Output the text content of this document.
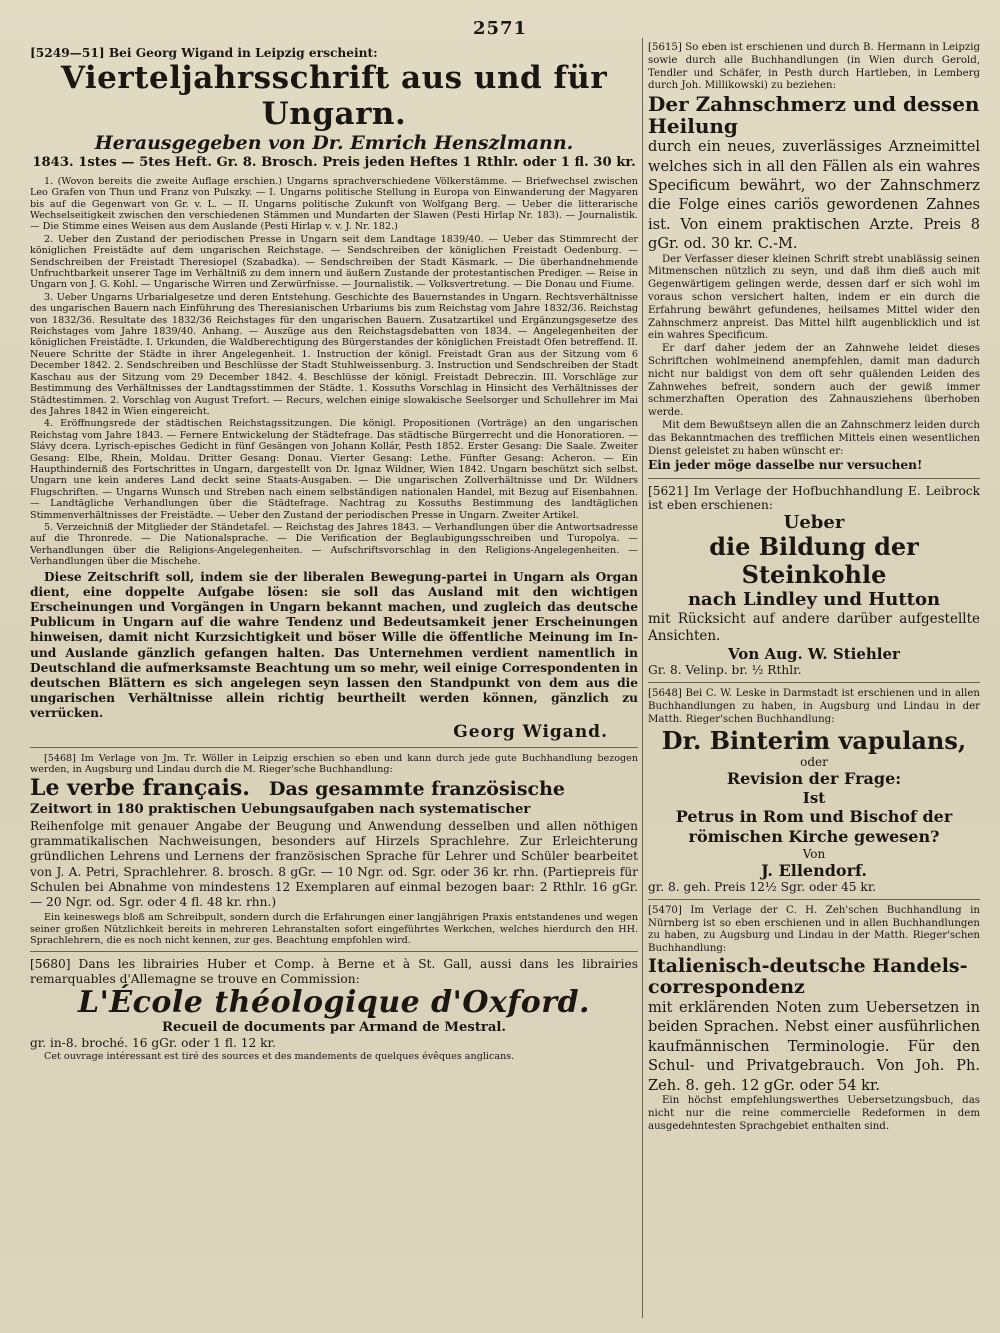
2571
[5249—51] Bei Georg Wigand in Leipzig erscheint:
Vierteljahrsschrift aus und für Ungarn.
Herausgegeben von Dr. Emrich Henszlmann.
1843. 1stes — 5tes Heft. Gr. 8. Brosch. Preis jeden Heftes 1 Rthlr. oder 1 fl. 30 kr.
1. (Wovon bereits die zweite Auflage erschien.) Ungarns sprachverschiedene Völkerstämme. — Briefwechsel zwischen Leo Grafen von Thun und Franz von Pulszky. — I. Ungarns politische Stellung in Europa von Einwanderung der Magyaren bis auf die Gegenwart von Gr. v. L. — II. Ungarns politische Zukunft von Wolfgang Berg. — Ueber die litterarische Wechselseitigkeit zwischen den verschiedenen Stämmen und Mundarten der Slawen (Pesti Hirlap Nr. 183). — Journalistik. — Die Stimme eines Weisen aus dem Auslande (Pesti Hirlap v. v. J. Nr. 182.)
2. Ueber den Zustand der periodischen Presse in Ungarn seit dem Landtage 1839/40. — Ueber das Stimmrecht der königlichen Freistädte auf dem ungarischen Reichstage. — Sendschreiben der königlichen Freistadt Oedenburg. — Sendschreiben der Freistadt Theresiopel (Szabadka). — Sendschreiben der Stadt Käsmark. — Die überhandnehmende Unfruchtbarkeit unserer Tage im Verhältniß zu dem innern und äußern Zustande der protestantischen Prediger. — Reise in Ungarn von J. G. Kohl. — Ungarische Wirren und Zerwürfnisse. — Journalistik. — Volksvertretung. — Die Donau und Fiume.
3. Ueber Ungarns Urbarialgesetze und deren Entstehung. Geschichte des Bauernstandes in Ungarn. Rechtsverhältnisse des ungarischen Bauern nach Einführung des Theresianischen Urbariums bis zum Reichstag vom Jahre 1832/36. Reichstag von 1832/36. Resultate des 1832/36 Reichstages für den ungarischen Bauern. Zusatzartikel und Ergänzungsgesetze des Reichstages vom Jahre 1839/40. Anhang. — Auszüge aus den Reichstagsdebatten von 1834. — Angelegenheiten der königlichen Freistädte. I. Urkunden, die Waldberechtigung des Bürgerstandes der königlichen Freistadt Ofen betreffend. II. Neuere Schritte der Städte in ihrer Angelegenheit. 1. Instruction der königl. Freistadt Gran aus der Sitzung vom 6 December 1842. 2. Sendschreiben und Beschlüsse der Stadt Stuhlweissenburg. 3. Instruction und Sendschreiben der Stadt Kaschau aus der Sitzung vom 29 December 1842. 4. Beschlüsse der königl. Freistadt Debreczin. III. Vorschläge zur Bestimmung des Verhältnisses der Landtagsstimmen der Städte. 1. Kossuths Vorschlag in Hinsicht des Verhältnisses der Städtestimmen. 2. Vorschlag von August Trefort. — Recurs, welchen einige slowakische Seelsorger und Schullehrer im Mai des Jahres 1842 in Wien eingereicht.
4. Eröffnungsrede der städtischen Reichstagssitzungen. Die königl. Propositionen (Vorträge) an den ungarischen Reichstag vom Jahre 1843. — Fernere Entwickelung der Städtefrage. Das städtische Bürgerrecht und die Honoratioren. — Slávy dcera. Lyrisch-episches Gedicht in fünf Gesängen von Johann Kollár, Pesth 1852. Erster Gesang: Die Saale. Zweiter Gesang: Elbe, Rhein, Moldau. Dritter Gesang: Donau. Vierter Gesang: Lethe. Fünfter Gesang: Acheron. — Ein Haupthinderniß des Fortschrittes in Ungarn, dargestellt von Dr. Ignaz Wildner, Wien 1842. Ungarn beschützt sich selbst. Ungarn une kein anderes Land deckt seine Staats-Ausgaben. — Die ungarischen Zollverhältnisse und Dr. Wildners Flugschriften. — Ungarns Wunsch und Streben nach einem selbständigen nationalen Handel, mit Bezug auf Eisenbahnen. — Landtägliche Verhandlungen über die Städtefrage. Nachtrag zu Kossuths Bestimmung des landtäglichen Stimmenverhältnisses der Freistädte. — Ueber den Zustand der periodischen Presse in Ungarn. Zweiter Artikel.
5. Verzeichniß der Mitglieder der Ständetafel. — Reichstag des Jahres 1843. — Verhandlungen über die Antwortsadresse auf die Thronrede. — Die Nationalsprache. — Die Verification der Beglaubigungsschreiben und Turopolya. — Verhandlungen über die Religions-Angelegenheiten. — Aufschriftsvorschlag in den Religions-Angelegenheiten. — Verhandlungen über die Mischehe.
Diese Zeitschrift soll, indem sie der liberalen Bewegung-partei in Ungarn als Organ dient, eine doppelte Aufgabe lösen: sie soll das Ausland mit den wichtigen Erscheinungen und Vorgängen in Ungarn bekannt machen, und zugleich das deutsche Publicum in Ungarn auf die wahre Tendenz und Bedeutsamkeit jener Erscheinungen hinweisen, damit nicht Kurzsichtigkeit und böser Wille die öffentliche Meinung im In- und Auslande gänzlich gefangen halten. Das Unternehmen verdient namentlich in Deutschland die aufmerksamste Beachtung um so mehr, weil einige Correspondenten in deutschen Blättern es sich angelegen seyn lassen den Standpunkt von dem aus die ungarischen Verhältnisse allein richtig beurtheilt werden können, gänzlich zu verrücken.
Georg Wigand.
[5468] Im Verlage von Jm. Tr. Wöller in Leipzig erschien so eben und kann durch jede gute Buchhandlung bezogen werden, in Augsburg und Lindau durch die M. Rieger'sche Buchhandlung:
Le verbe français. Das gesammte französische
Zeitwort in 180 praktischen Uebungsaufgaben nach systematischer
Reihenfolge mit genauer Angabe der Beugung und Anwendung desselben und allen nöthigen grammatikalischen Nachweisungen, besonders auf Hirzels Sprachlehre. Zur Erleichterung gründlichen Lehrens und Lernens der französischen Sprache für Lehrer und Schüler bearbeitet von J. A. Petri, Sprachlehrer. 8. brosch. 8 gGr. — 10 Ngr. od. Sgr. oder 36 kr. rhn. (Partiepreis für Schulen bei Abnahme von mindestens 12 Exemplaren auf einmal bezogen baar: 2 Rthlr. 16 gGr. — 20 Ngr. od. Sgr. oder 4 fl. 48 kr. rhn.)
Ein keineswegs bloß am Schreibpult, sondern durch die Erfahrungen einer langjährigen Praxis entstandenes und wegen seiner großen Nützlichkeit bereits in mehreren Lehranstalten sofort eingeführtes Werkchen, welches hierdurch den HH. Sprachlehrern, die es noch nicht kennen, zur ges. Beachtung empfohlen wird.
[5680] Dans les librairies Huber et Comp. à Berne et à St. Gall, aussi dans les librairies remarquables d'Allemagne se trouve en Commission:
L'École théologique d'Oxford.
Recueil de documents par Armand de Mestral.
gr. in-8. broché. 16 gGr. oder 1 fl. 12 kr.
Cet ouvrage intéressant est tiré des sources et des mandements de quelques évêques anglicans.
[5615] So eben ist erschienen und durch B. Hermann in Leipzig sowie durch alle Buchhandlungen (in Wien durch Gerold, Tendler und Schäfer, in Pesth durch Hartleben, in Lemberg durch Joh. Millikowski) zu beziehen:
Der Zahnschmerz und dessen
Heilung
durch ein neues, zuverlässiges Arzneimittel welches sich in all den Fällen als ein wahres Specificum bewährt, wo der Zahnschmerz die Folge eines cariös gewordenen Zahnes ist. Von einem praktischen Arzte. Preis 8 gGr. od. 30 kr. C.-M.
Der Verfasser dieser kleinen Schrift strebt unablässig seinen Mitmenschen nützlich zu seyn, und daß ihm dieß auch mit Gegenwärtigem gelingen werde, dessen darf er sich wohl im voraus schon versichert halten, indem er ein durch die Erfahrung bewährt gefundenes, heilsames Mittel wider den Zahnschmerz anpreist. Das Mittel hilft augenblicklich und ist ein wahres Specificum.
Er darf daher jedem der an Zahnwehe leidet dieses Schriftchen wohlmeinend anempfehlen, damit man dadurch nicht nur baldigst von dem oft sehr quälenden Leiden des Zahnwehes befreit, sondern auch der gewiß immer schmerzhaften Operation des Zahnausziehens überhoben werde.
Mit dem Bewußtseyn allen die an Zahnschmerz leiden durch das Bekanntmachen des trefflichen Mittels einen wesentlichen Dienst geleistet zu haben wünscht er:
Ein jeder möge dasselbe nur versuchen!
[5621] Im Verlage der Hofbuchhandlung E. Leibrock ist eben erschienen:
Ueber
die Bildung der Steinkohle
nach Lindley und Hutton
mit Rücksicht auf andere darüber aufgestellte Ansichten.
Von Aug. W. Stiehler
Gr. 8. Velinp. br. ½ Rthlr.
[5648] Bei C. W. Leske in Darmstadt ist erschienen und in allen Buchhandlungen zu haben, in Augsburg und Lindau in der Matth. Rieger'schen Buchhandlung:
Dr. Binterim vapulans,
oder
Revision der Frage:
Ist
Petrus in Rom und Bischof der
römischen Kirche gewesen?
Von
J. Ellendorf.
gr. 8. geh. Preis 12½ Sgr. oder 45 kr.
[5470] Im Verlage der C. H. Zeh'schen Buchhandlung in Nürnberg ist so eben erschienen und in allen Buchhandlungen zu haben, zu Augsburg und Lindau in der Matth. Rieger'schen Buchhandlung:
Italienisch-deutsche Handels-
correspondenz
mit erklärenden Noten zum Uebersetzen in beiden Sprachen. Nebst einer ausführlichen kaufmännischen Terminologie. Für den Schul- und Privatgebrauch. Von Joh. Ph. Zeh. 8. geh. 12 gGr. oder 54 kr.
Ein höchst empfehlungswerthes Uebersetzungsbuch, das nicht nur die reine commercielle Redeformen in dem ausgedehntesten Sprachgebiet enthalten sind.
